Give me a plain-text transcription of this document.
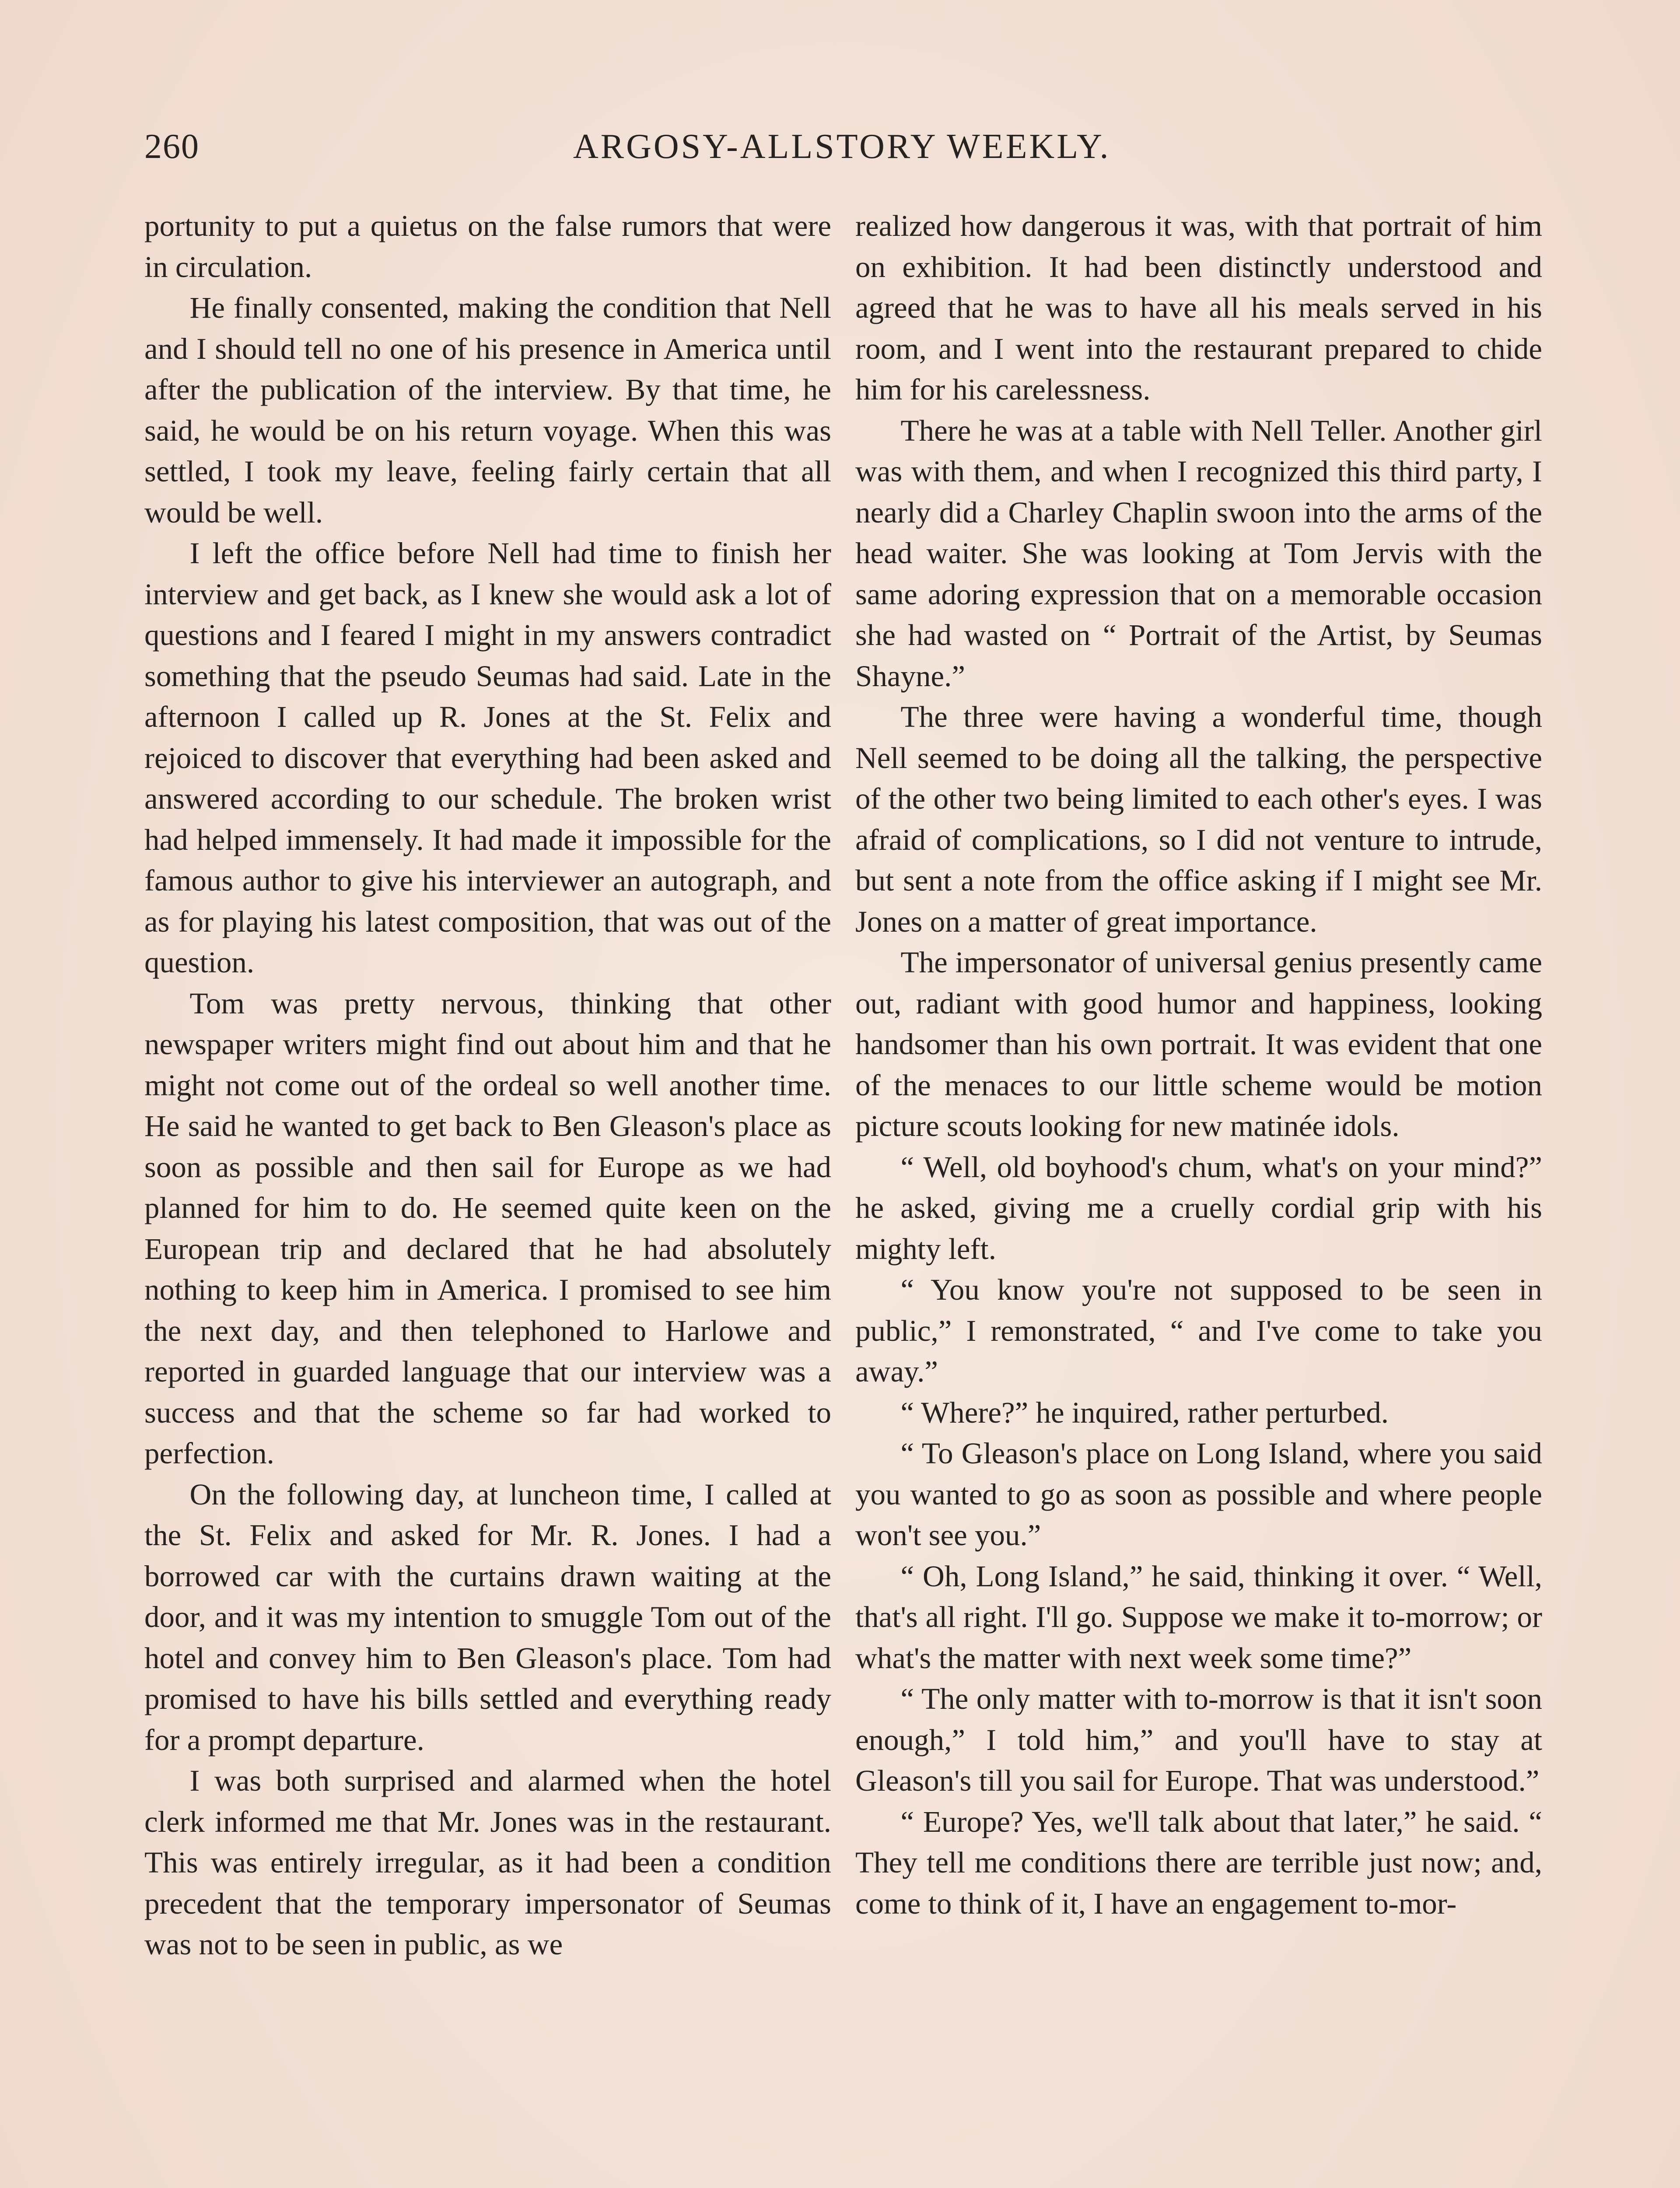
260	ARGOSY-ALLSTORY WEEKLY.

portunity to put a quietus on the false rumors that were in circulation.

He finally consented, making the condition that Nell and I should tell no one of his presence in America until after the publication of the interview. By that time, he said, he would be on his return voyage. When this was settled, I took my leave, feeling fairly certain that all would be well.

I left the office before Nell had time to finish her interview and get back, as I knew she would ask a lot of questions and I feared I might in my answers contradict something that the pseudo Seumas had said. Late in the afternoon I called up R. Jones at the St. Felix and rejoiced to discover that everything had been asked and answered according to our schedule. The broken wrist had helped immensely. It had made it impossible for the famous author to give his interviewer an autograph, and as for playing his latest composition, that was out of the question.

Tom was pretty nervous, thinking that other newspaper writers might find out about him and that he might not come out of the ordeal so well another time. He said he wanted to get back to Ben Gleason's place as soon as possible and then sail for Europe as we had planned for him to do. He seemed quite keen on the European trip and declared that he had absolutely nothing to keep him in America. I promised to see him the next day, and then telephoned to Harlowe and reported in guarded language that our interview was a success and that the scheme so far had worked to perfection.

On the following day, at luncheon time, I called at the St. Felix and asked for Mr. R. Jones. I had a borrowed car with the curtains drawn waiting at the door, and it was my intention to smuggle Tom out of the hotel and convey him to Ben Gleason's place. Tom had promised to have his bills settled and everything ready for a prompt departure.

I was both surprised and alarmed when the hotel clerk informed me that Mr. Jones was in the restaurant. This was entirely irregular, as it had been a condition precedent that the temporary impersonator of Seumas was not to be seen in public, as we

realized how dangerous it was, with that portrait of him on exhibition. It had been distinctly understood and agreed that he was to have all his meals served in his room, and I went into the restaurant prepared to chide him for his carelessness.

There he was at a table with Nell Teller. Another girl was with them, and when I recognized this third party, I nearly did a Charley Chaplin swoon into the arms of the head waiter. She was looking at Tom Jervis with the same adoring expression that on a memorable occasion she had wasted on “ Portrait of the Artist, by Seumas Shayne.”

The three were having a wonderful time, though Nell seemed to be doing all the talking, the perspective of the other two being limited to each other's eyes. I was afraid of complications, so I did not venture to intrude, but sent a note from the office asking if I might see Mr. Jones on a matter of great importance.

The impersonator of universal genius presently came out, radiant with good humor and happiness, looking handsomer than his own portrait. It was evident that one of the menaces to our little scheme would be motion picture scouts looking for new matinée idols.

“ Well, old boyhood's chum, what's on your mind?” he asked, giving me a cruelly cordial grip with his mighty left.

“ You know you're not supposed to be seen in public,” I remonstrated, “ and I've come to take you away.”

“ Where?” he inquired, rather perturbed.

“ To Gleason's place on Long Island, where you said you wanted to go as soon as possible and where people won't see you.”

“ Oh, Long Island,” he said, thinking it over. “ Well, that's all right. I'll go. Suppose we make it to-morrow; or what's the matter with next week some time?”

“ The only matter with to-morrow is that it isn't soon enough,” I told him,” and you'll have to stay at Gleason's till you sail for Europe. That was understood.”

“ Europe? Yes, we'll talk about that later,” he said. “ They tell me conditions there are terrible just now; and, come to think of it, I have an engagement to-mor-
